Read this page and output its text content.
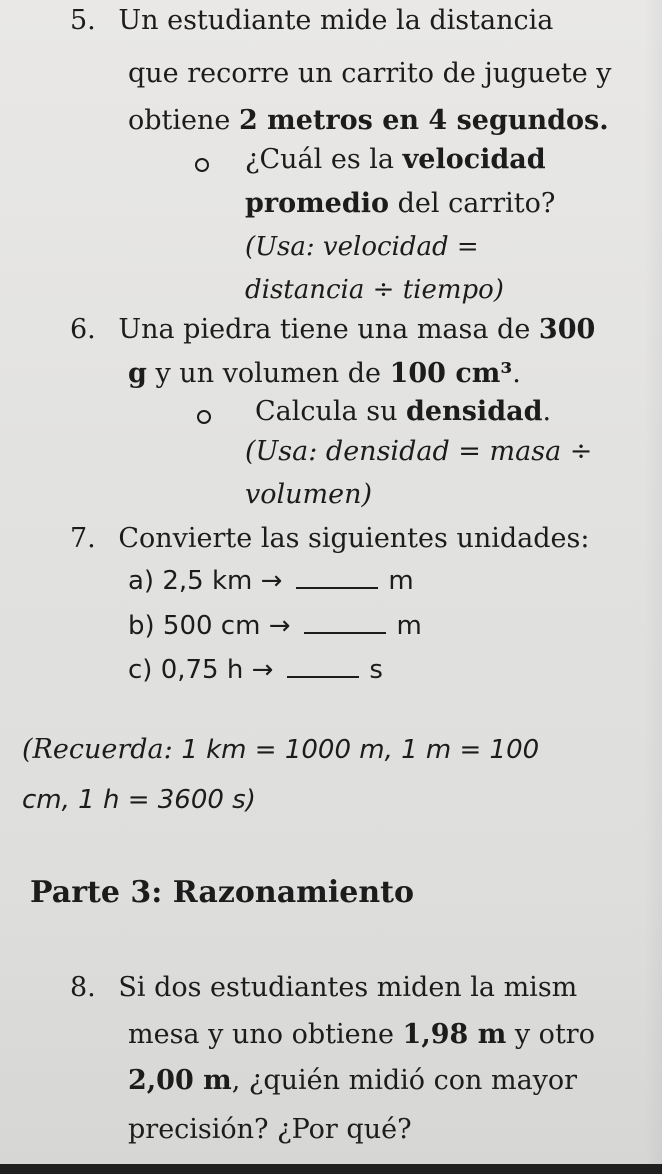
5. Un estudiante mide la distancia
que recorre un carrito de juguete y
obtiene 2 metros en 4 segundos.
¿Cuál es la velocidad
promedio del carrito?
(Usa: velocidad =
distancia ÷ tiempo)
6. Una piedra tiene una masa de 300
g y un volumen de 100 cm³.
Calcula su densidad.
(Usa: densidad = masa ÷
volumen)
7. Convierte las siguientes unidades:
a) 2,5 km →	m
b) 500 cm →	m
c) 0,75 h →	s
(Recuerda: 1 km = 1000 m, 1 m = 100
cm, 1 h = 3600 s)
Parte 3: Razonamiento
8. Si dos estudiantes miden la mism
mesa y uno obtiene 1,98 m y otro
2,00 m, ¿quién midió con mayor
precisión? ¿Por qué?
